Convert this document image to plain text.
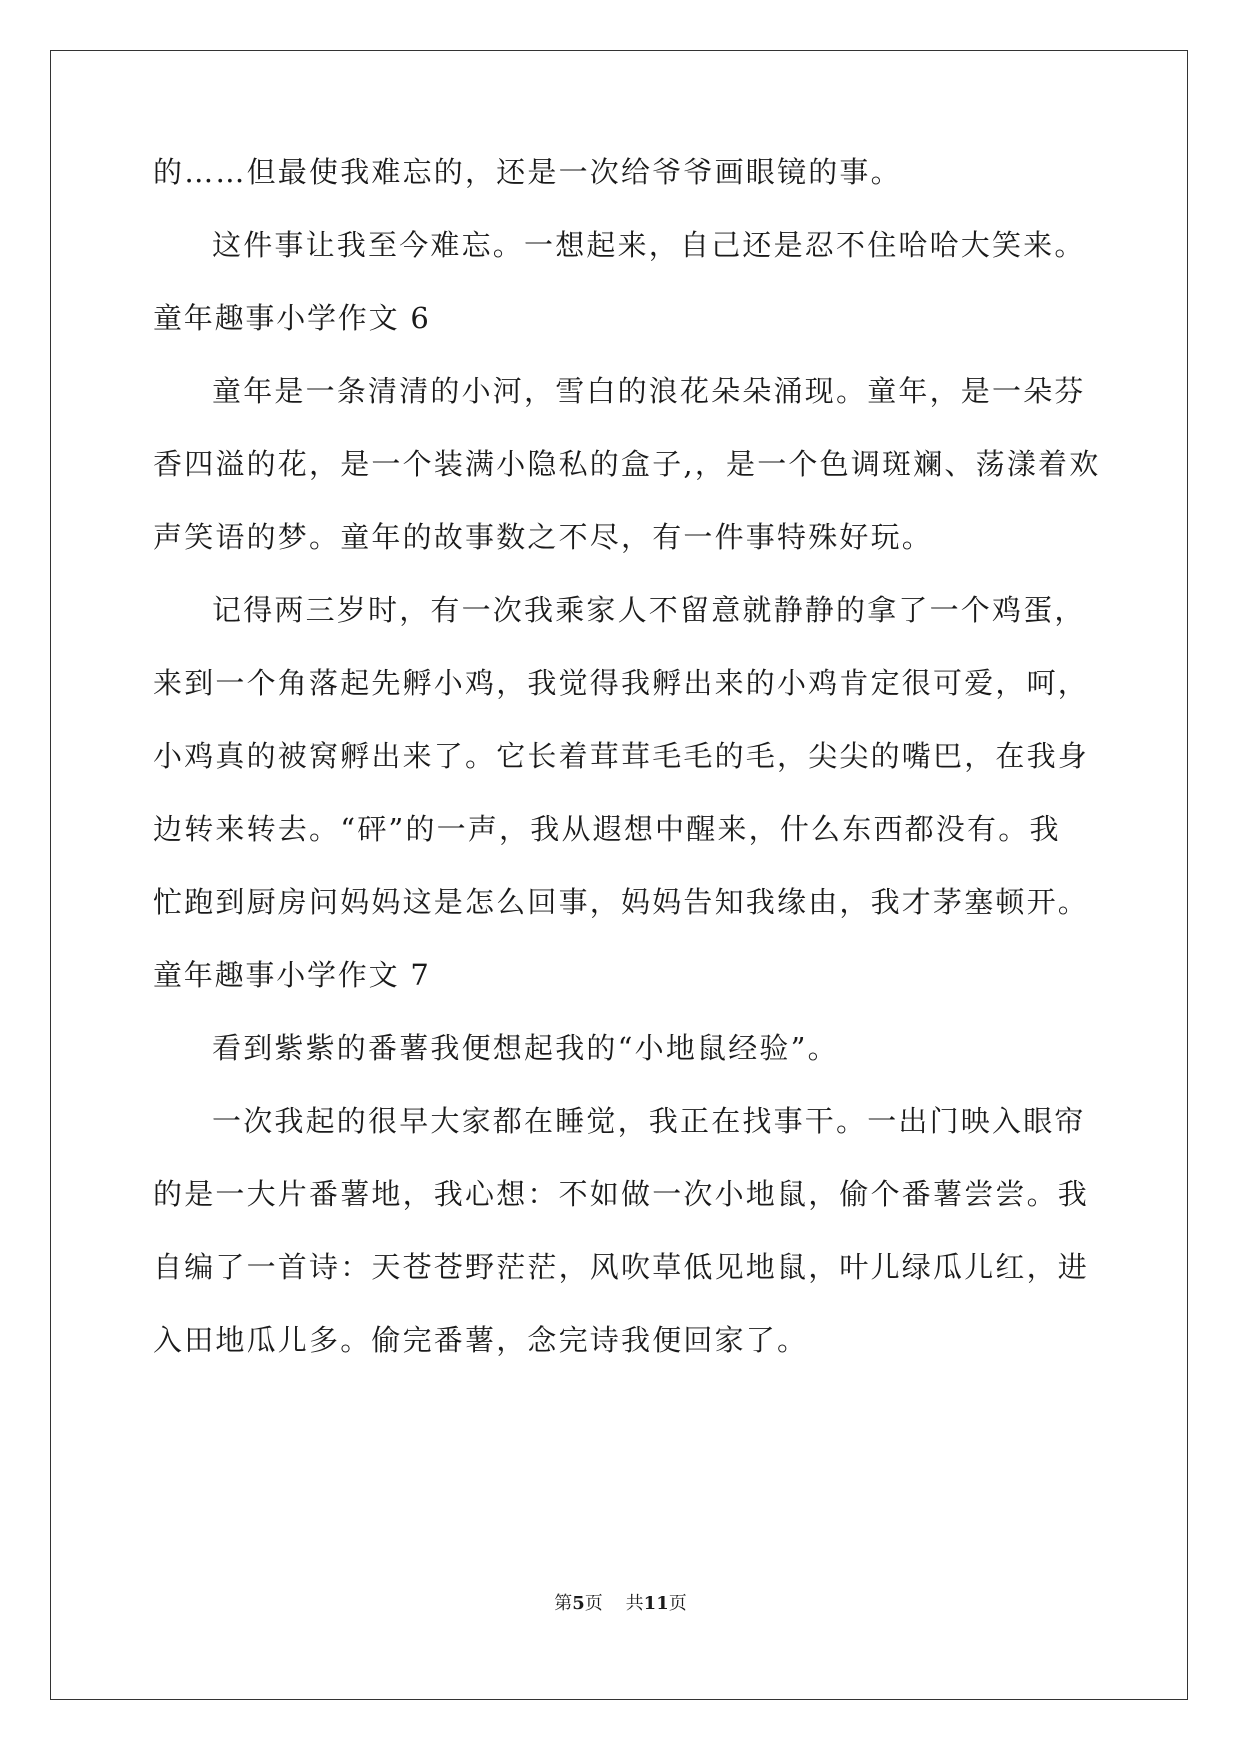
的……但最使我难忘的，还是一次给爷爷画眼镜的事。
这件事让我至今难忘。一想起来，自己还是忍不住哈哈大笑来。
童年趣事小学作文 6
童年是一条清清的小河，雪白的浪花朵朵涌现。童年，是一朵芬
香四溢的花，是一个装满小隐私的盒子,，是一个色调斑斓、荡漾着欢
声笑语的梦。童年的故事数之不尽，有一件事特殊好玩。
记得两三岁时，有一次我乘家人不留意就静静的拿了一个鸡蛋，
来到一个角落起先孵小鸡，我觉得我孵出来的小鸡肯定很可爱，呵，
小鸡真的被窝孵出来了。它长着茸茸毛毛的毛，尖尖的嘴巴，在我身
边转来转去。“砰”的一声，我从遐想中醒来，什么东西都没有。我
忙跑到厨房问妈妈这是怎么回事，妈妈告知我缘由，我才茅塞顿开。
童年趣事小学作文 7
看到紫紫的番薯我便想起我的“小地鼠经验”。
一次我起的很早大家都在睡觉，我正在找事干。一出门映入眼帘
的是一大片番薯地，我心想：不如做一次小地鼠，偷个番薯尝尝。我
自编了一首诗：天苍苍野茫茫，风吹草低见地鼠，叶儿绿瓜儿红，进
入田地瓜儿多。偷完番薯，念完诗我便回家了。
第5页 共11页
